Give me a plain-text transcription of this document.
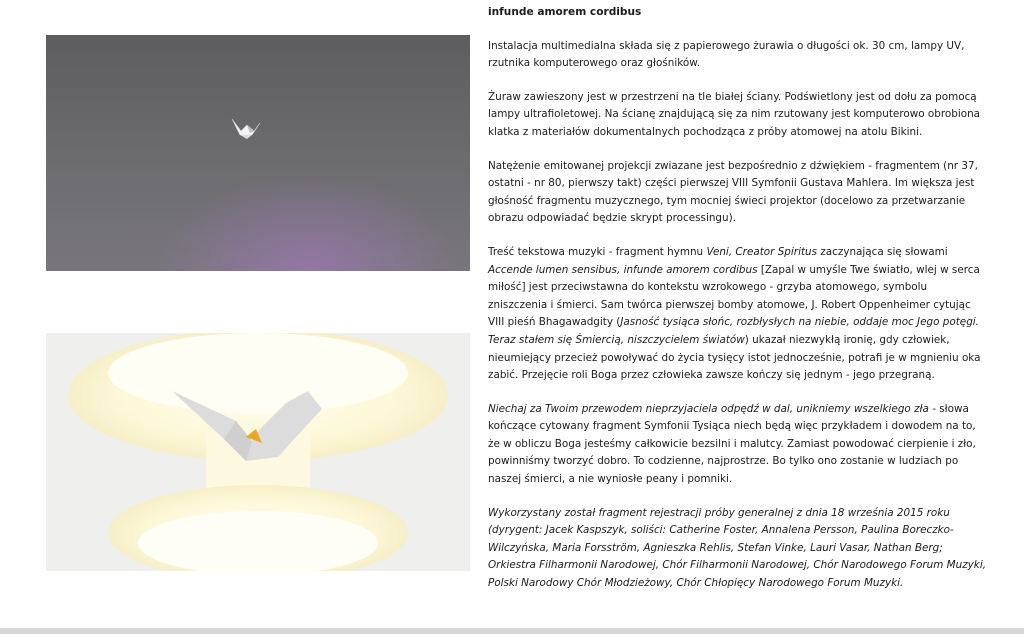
infunde amorem cordibus

Instalacja multimedialna składa się z papierowego żurawia o długości ok. 30 cm, lampy UV, rzutnika komputerowego oraz głośników.

Żuraw zawieszony jest w przestrzeni na tle białej ściany. Podświetlony jest od dołu za pomocą lampy ultrafioletowej. Na ścianę znajdującą się za nim rzutowany jest komputerowo obrobiona klatka z materiałów dokumentalnych pochodząca z próby atomowej na atolu Bikini.

Natężenie emitowanej projekcji zwiazane jest bezpośrednio z dźwiękiem - fragmentem (nr 37, ostatni - nr 80, pierwszy takt) części pierwszej VIII Symfonii Gustava Mahlera. Im większa jest głośność fragmentu muzycznego, tym mocniej świeci projektor (docelowo za przetwarzanie obrazu odpowiadać będzie skrypt processingu).

Treść tekstowa muzyki - fragment hymnu Veni, Creator Spiritus zaczynająca się słowami Accende lumen sensibus, infunde amorem cordibus [Zapal w umyśle Twe światło, wlej w serca miłość] jest przeciwstawna do kontekstu wzrokowego - grzyba atomowego, symbolu zniszczenia i śmierci. Sam twórca pierwszej bomby atomowe, J. Robert Oppenheimer cytując VIII pieśń Bhagawadgity (Jasność tysiąca słońc, rozbłysłych na niebie, oddaje moc Jego potęgi. Teraz stałem się Śmiercią, niszczycielem światów) ukazał niezwykłą ironię, gdy człowiek, nieumiejący przecież powoływać do życia tysięcy istot jednocześnie, potrafi je w mgnieniu oka zabić. Przejęcie roli Boga przez człowieka zawsze kończy się jednym - jego przegraną.

Niechaj za Twoim przewodem nieprzyjaciela odpędź w dal, unikniemy wszelkiego zła - słowa kończące cytowany fragment Symfonii Tysiąca niech będą więc przykładem i dowodem na to, że w obliczu Boga jesteśmy całkowicie bezsilni i malutcy. Zamiast powodować cierpienie i zło, powinniśmy tworzyć dobro. To codzienne, najprostrze. Bo tylko ono zostanie w ludziach po naszej śmierci, a nie wyniosłe peany i pomniki.

Wykorzystany został fragment rejestracji próby generalnej z dnia 18 września 2015 roku (dyrygent: Jacek Kaspszyk, soliści: Catherine Foster, Annalena Persson, Paulina Boreczko-Wilczyńska, Maria Forsström, Agnieszka Rehlis, Stefan Vinke, Lauri Vasar, Nathan Berg; Orkiestra Filharmonii Narodowej, Chór Filharmonii Narodowej, Chór Narodowego Forum Muzyki, Polski Narodowy Chór Młodzieżowy, Chór Chłopięcy Narodowego Forum Muzyki.
